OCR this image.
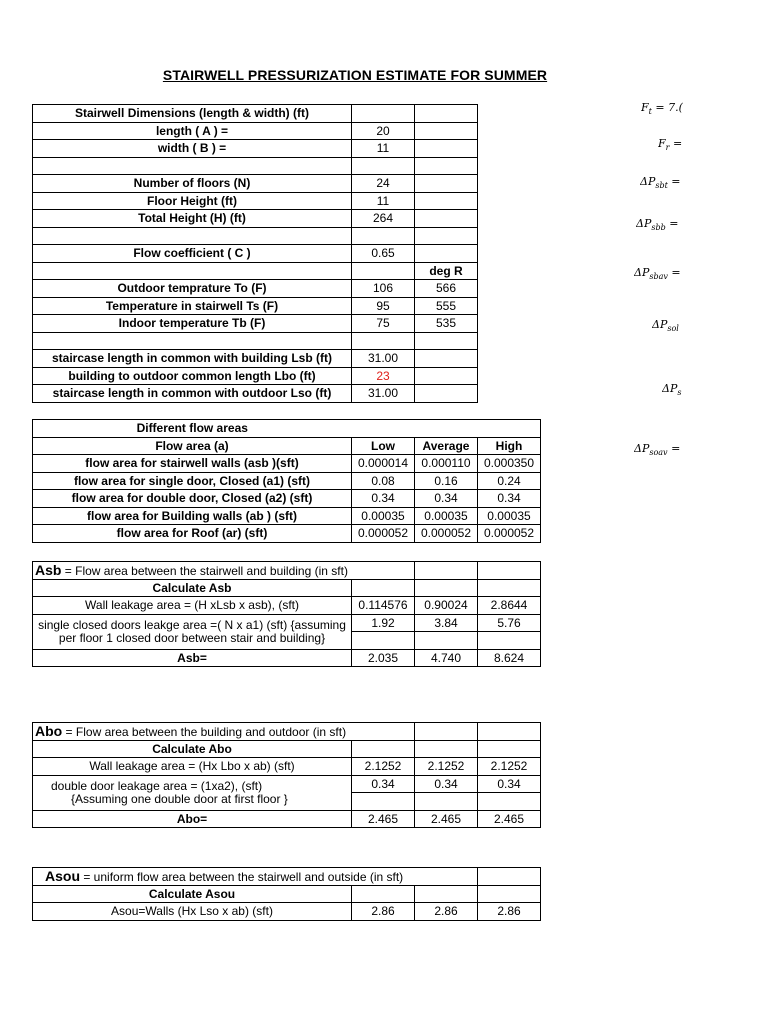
STAIRWELL PRESSURIZATION ESTIMATE FOR SUMMER
$F_t = 7$.(
$F_r$ =
$\Delta P_{sbt}$ =
$\Delta P_{sbb}$ =
$\Delta P_{sbav}$ =
$\Delta P_{sol}$
$\Delta P_s$
$\Delta P_{soav}$ =
Stairwell Dimensions (length & width) (ft)		
length ( A ) =	20	
width ( B ) =	11	

Number of floors (N)	24	
Floor Height (ft)	11	
Total Height (H) (ft)	264	

Flow coefficient ( C )	0.65	
		deg R
Outdoor temprature To (F)	106	566
Temperature in stairwell Ts (F)	95	555
Indoor temperature Tb (F)	75	535

staircase length in common with building Lsb (ft)	31.00	
building to outdoor common length Lbo (ft)	23	
staircase length in common with outdoor Lso (ft)	31.00	
Different flow areas			
Flow area (a)	Low	Average	High
flow area for stairwell walls (asb )(sft)	0.000014	0.000110	0.000350
flow area for single door, Closed (a1) (sft)	0.08	0.16	0.24
flow area for double door, Closed (a2) (sft)	0.34	0.34	0.34
flow area for Building walls (ab ) (sft)	0.00035	0.00035	0.00035
flow area for Roof (ar) (sft)	0.000052	0.000052	0.000052
Asb = Flow area between the stairwell and building (in sft)			
Calculate Asb			
Wall leakage area = (H xLsb x asb), (sft)	0.114576	0.90024	2.8644
single closed doors leakge area =( N x a1) (sft) {assuming per floor 1 closed door between stair and building}	1.92	3.84	5.76

Asb=	2.035	4.740	8.624
Abo = Flow area between the building and outdoor (in sft)			
Calculate Abo			
Wall leakage area = (Hx Lbo x ab) (sft)	2.1252	2.1252	2.1252

double door leakage area = (1xa2), (sft)
{Assuming one double door at first floor }	0.34	0.34	0.34

Abo=	2.465	2.465	2.465
Asou = uniform flow area between the stairwell and outside (in sft)			
Calculate Asou			
Asou=Walls (Hx Lso x ab) (sft)	2.86	2.86	2.86
